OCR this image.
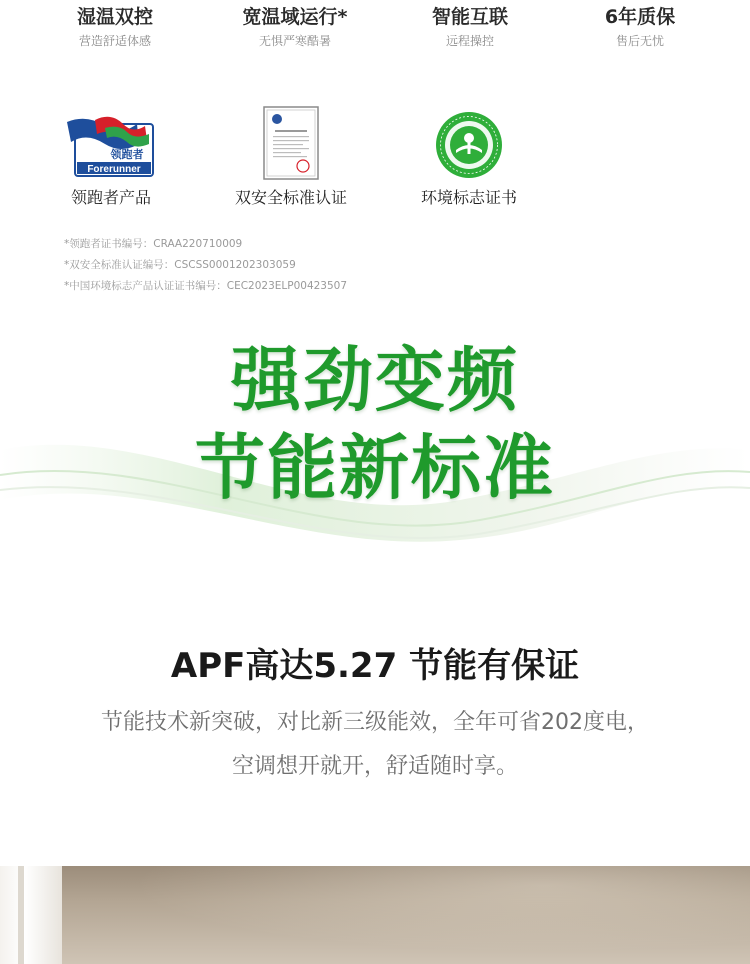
湿温双控
营造舒适体感
宽温域运行*
无惧严寒酷暑
智能互联
远程操控
6年质保
售后无忧
领跑者
Forerunner
领跑者产品	双安全标准认证	环境标志证书
*领跑者证书编号：CRAA220710009
*双安全标准认证编号：CSCSS0001202303059
*中国环境标志产品认证证书编号：CEC2023ELP00423507
强劲变频
节能新标准
APF高达5.27 节能有保证
节能技术新突破，对比新三级能效，全年可省202度电，
空调想开就开，舒适随时享。
